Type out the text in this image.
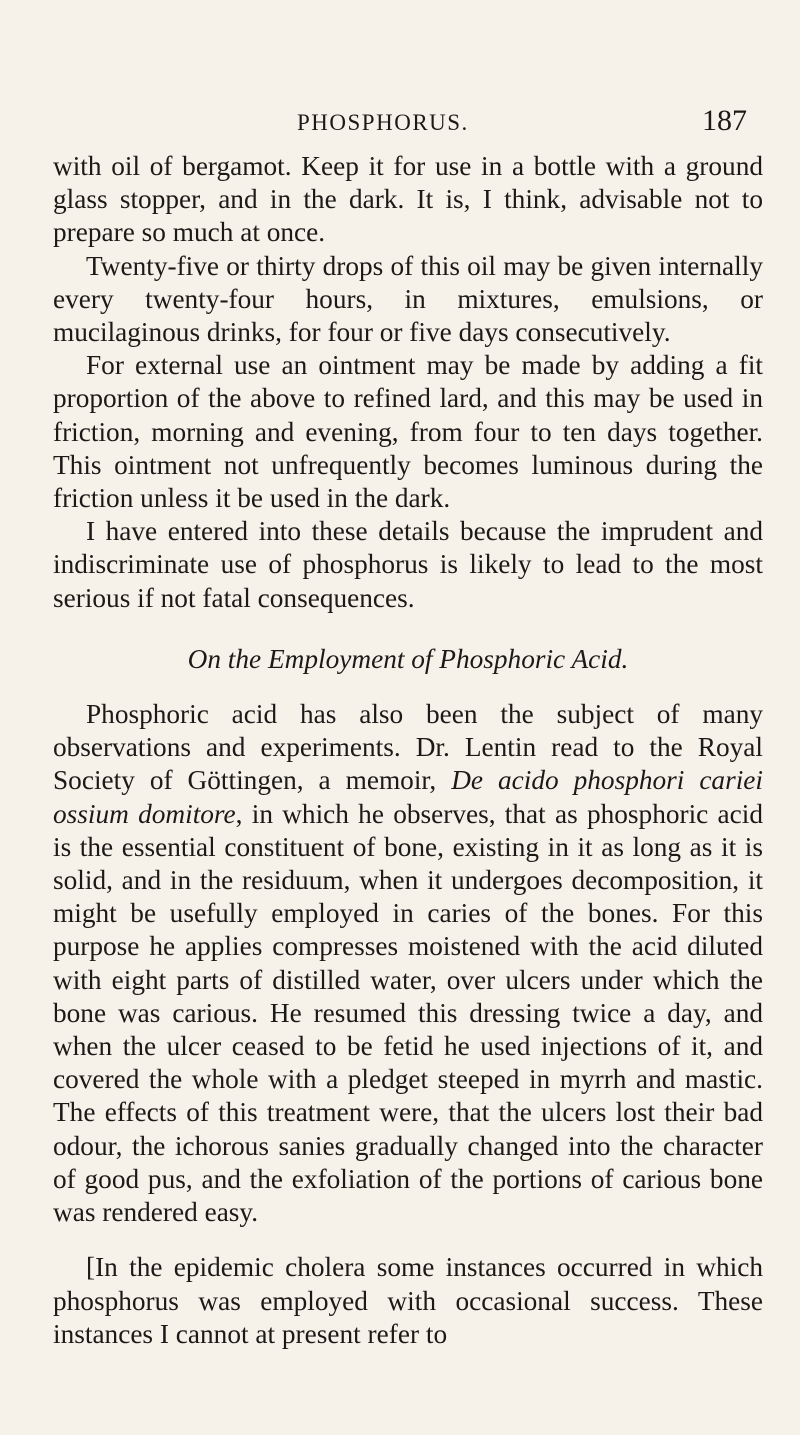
PHOSPHORUS.	187

with oil of bergamot. Keep it for use in a bottle with a ground glass stopper, and in the dark. It is, I think, advisable not to prepare so much at once.

Twenty-five or thirty drops of this oil may be given internally every twenty-four hours, in mixtures, emulsions, or mucilaginous drinks, for four or five days consecutively.

For external use an ointment may be made by adding a fit proportion of the above to refined lard, and this may be used in friction, morning and evening, from four to ten days together. This ointment not unfrequently becomes luminous during the friction unless it be used in the dark.

I have entered into these details because the imprudent and indiscriminate use of phosphorus is likely to lead to the most serious if not fatal consequences.

On the Employment of Phosphoric Acid.

Phosphoric acid has also been the subject of many observations and experiments. Dr. Lentin read to the Royal Society of Göttingen, a memoir, De acido phosphori cariei ossium domitore, in which he observes, that as phosphoric acid is the essential constituent of bone, existing in it as long as it is solid, and in the residuum, when it undergoes decomposition, it might be usefully employed in caries of the bones. For this purpose he applies compresses moistened with the acid diluted with eight parts of distilled water, over ulcers under which the bone was carious. He resumed this dressing twice a day, and when the ulcer ceased to be fetid he used injections of it, and covered the whole with a pledget steeped in myrrh and mastic. The effects of this treatment were, that the ulcers lost their bad odour, the ichorous sanies gradually changed into the character of good pus, and the exfoliation of the portions of carious bone was rendered easy.

[In the epidemic cholera some instances occurred in which phosphorus was employed with occasional success. These instances I cannot at present refer to
